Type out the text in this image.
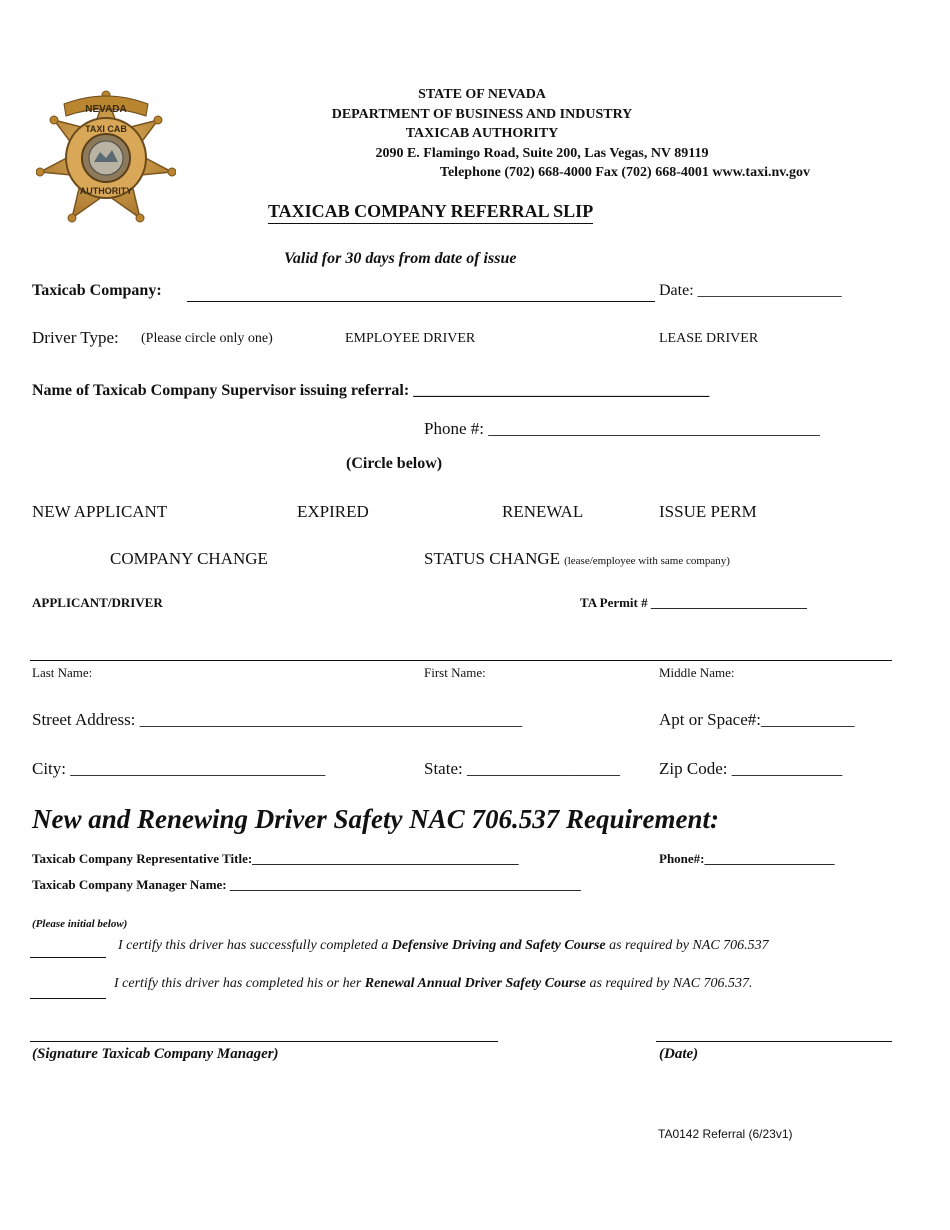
NEVADA
TAXI CAB
AUTHORITY
STATE OF NEVADA
DEPARTMENT OF BUSINESS AND INDUSTRY
TAXICAB AUTHORITY
2090 E. Flamingo Road, Suite 200, Las Vegas, NV 89119
Telephone (702) 668-4000 Fax (702) 668-4001 www.taxi.nv.gov
TAXICAB COMPANY REFERRAL SLIP
Valid for 30 days from date of issue
Taxicab Company:	Date: __________________
Driver Type: (Please circle only one)	EMPLOYEE DRIVER	LEASE DRIVER
Name of Taxicab Company Supervisor issuing referral: _____________________________________
Phone #: _______________________________________
(Circle below)
NEW APPLICANT	EXPIRED	RENEWAL	ISSUE PERM
COMPANY CHANGE	STATUS CHANGE (lease/employee with same company)
APPLICANT/DRIVER	TA Permit # ________________________
Last Name:	First Name:	Middle Name:
Street Address: _____________________________________________	Apt or Space#:___________
City: ______________________________	State: __________________ Zip Code: _____________
New and Renewing Driver Safety NAC 706.537 Requirement:
Taxicab Company Representative Title:_________________________________________	Phone#:____________________
Taxicab Company Manager Name: ______________________________________________________
(Please initial below)
I certify this driver has successfully completed a Defensive Driving and Safety Course as required by NAC 706.537
I certify this driver has completed his or her Renewal Annual Driver Safety Course as required by NAC 706.537.
(Signature Taxicab Company Manager)	(Date)
TA0142 Referral (6/23v1)
